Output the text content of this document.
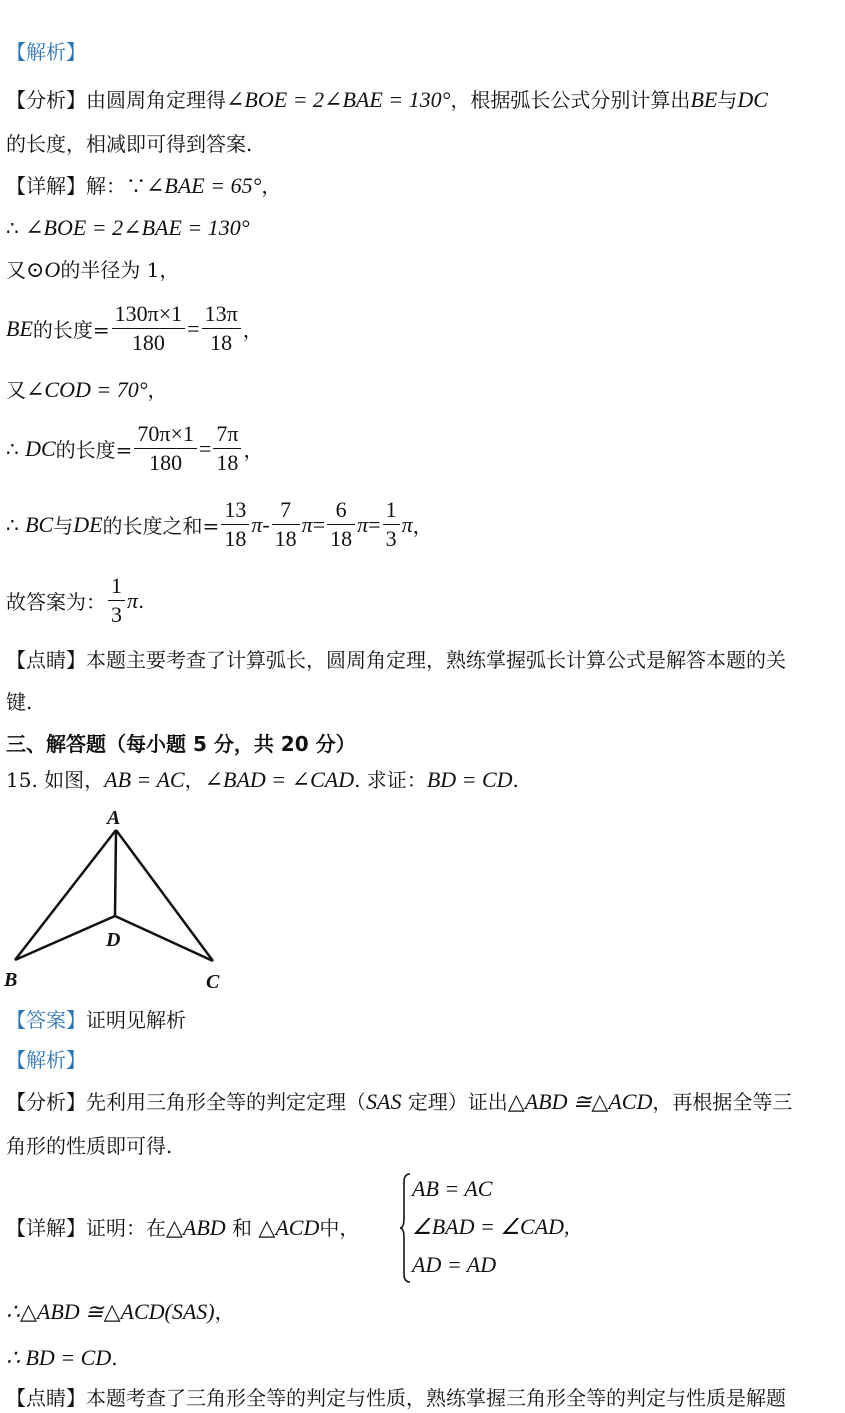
【解析】
【分析】由圆周角定理得∠BOE = 2∠BAE = 130°，根据弧长公式分别计算出BE与DC
的长度，相减即可得到答案.
【详解】解：∵∠BAE = 65°，
∴ ∠BOE = 2∠BAE = 130°
又⊙O的半径为 1，
BE 的长度= $\frac{130\pi\times 1}{180} = \frac{13\pi}{18}$ ，
又∠COD = 70°，
∴
DC 的长度= $\frac{70\pi\times 1}{180} = \frac{7\pi}{18}$ ，
∴
BC 与 DE 的长度之和= $\frac{13}{18}$ π - $\frac{7}{18}$ $\pi = \frac{6}{18}$ $\pi = \frac{1}{3}$ π ，
故答案为： $\frac{1}{3}$ π .
【点睛】本题主要考查了计算弧长，圆周角定理，熟练掌握弧长计算公式是解答本题的关
键.
三、解答题（每小题 5 分，共 20 分）
15. 如图，AB = AC，∠BAD = ∠CAD. 求证：BD = CD.
A
D
B	C
【答案】证明见解析
【解析】
【分析】先利用三角形全等的判定定理（SAS 定理）证出△ABD ≅△ACD，再根据全等三
角形的性质即可得.
【详解】证明：在△ABD 和 △ACD中，
AB = AC
∠BAD = ∠CAD,
AD = AD
∴△ABD ≅△ACD(SAS)，
∴ BD = CD.
【点睛】本题考查了三角形全等的判定与性质，熟练掌握三角形全等的判定与性质是解题
